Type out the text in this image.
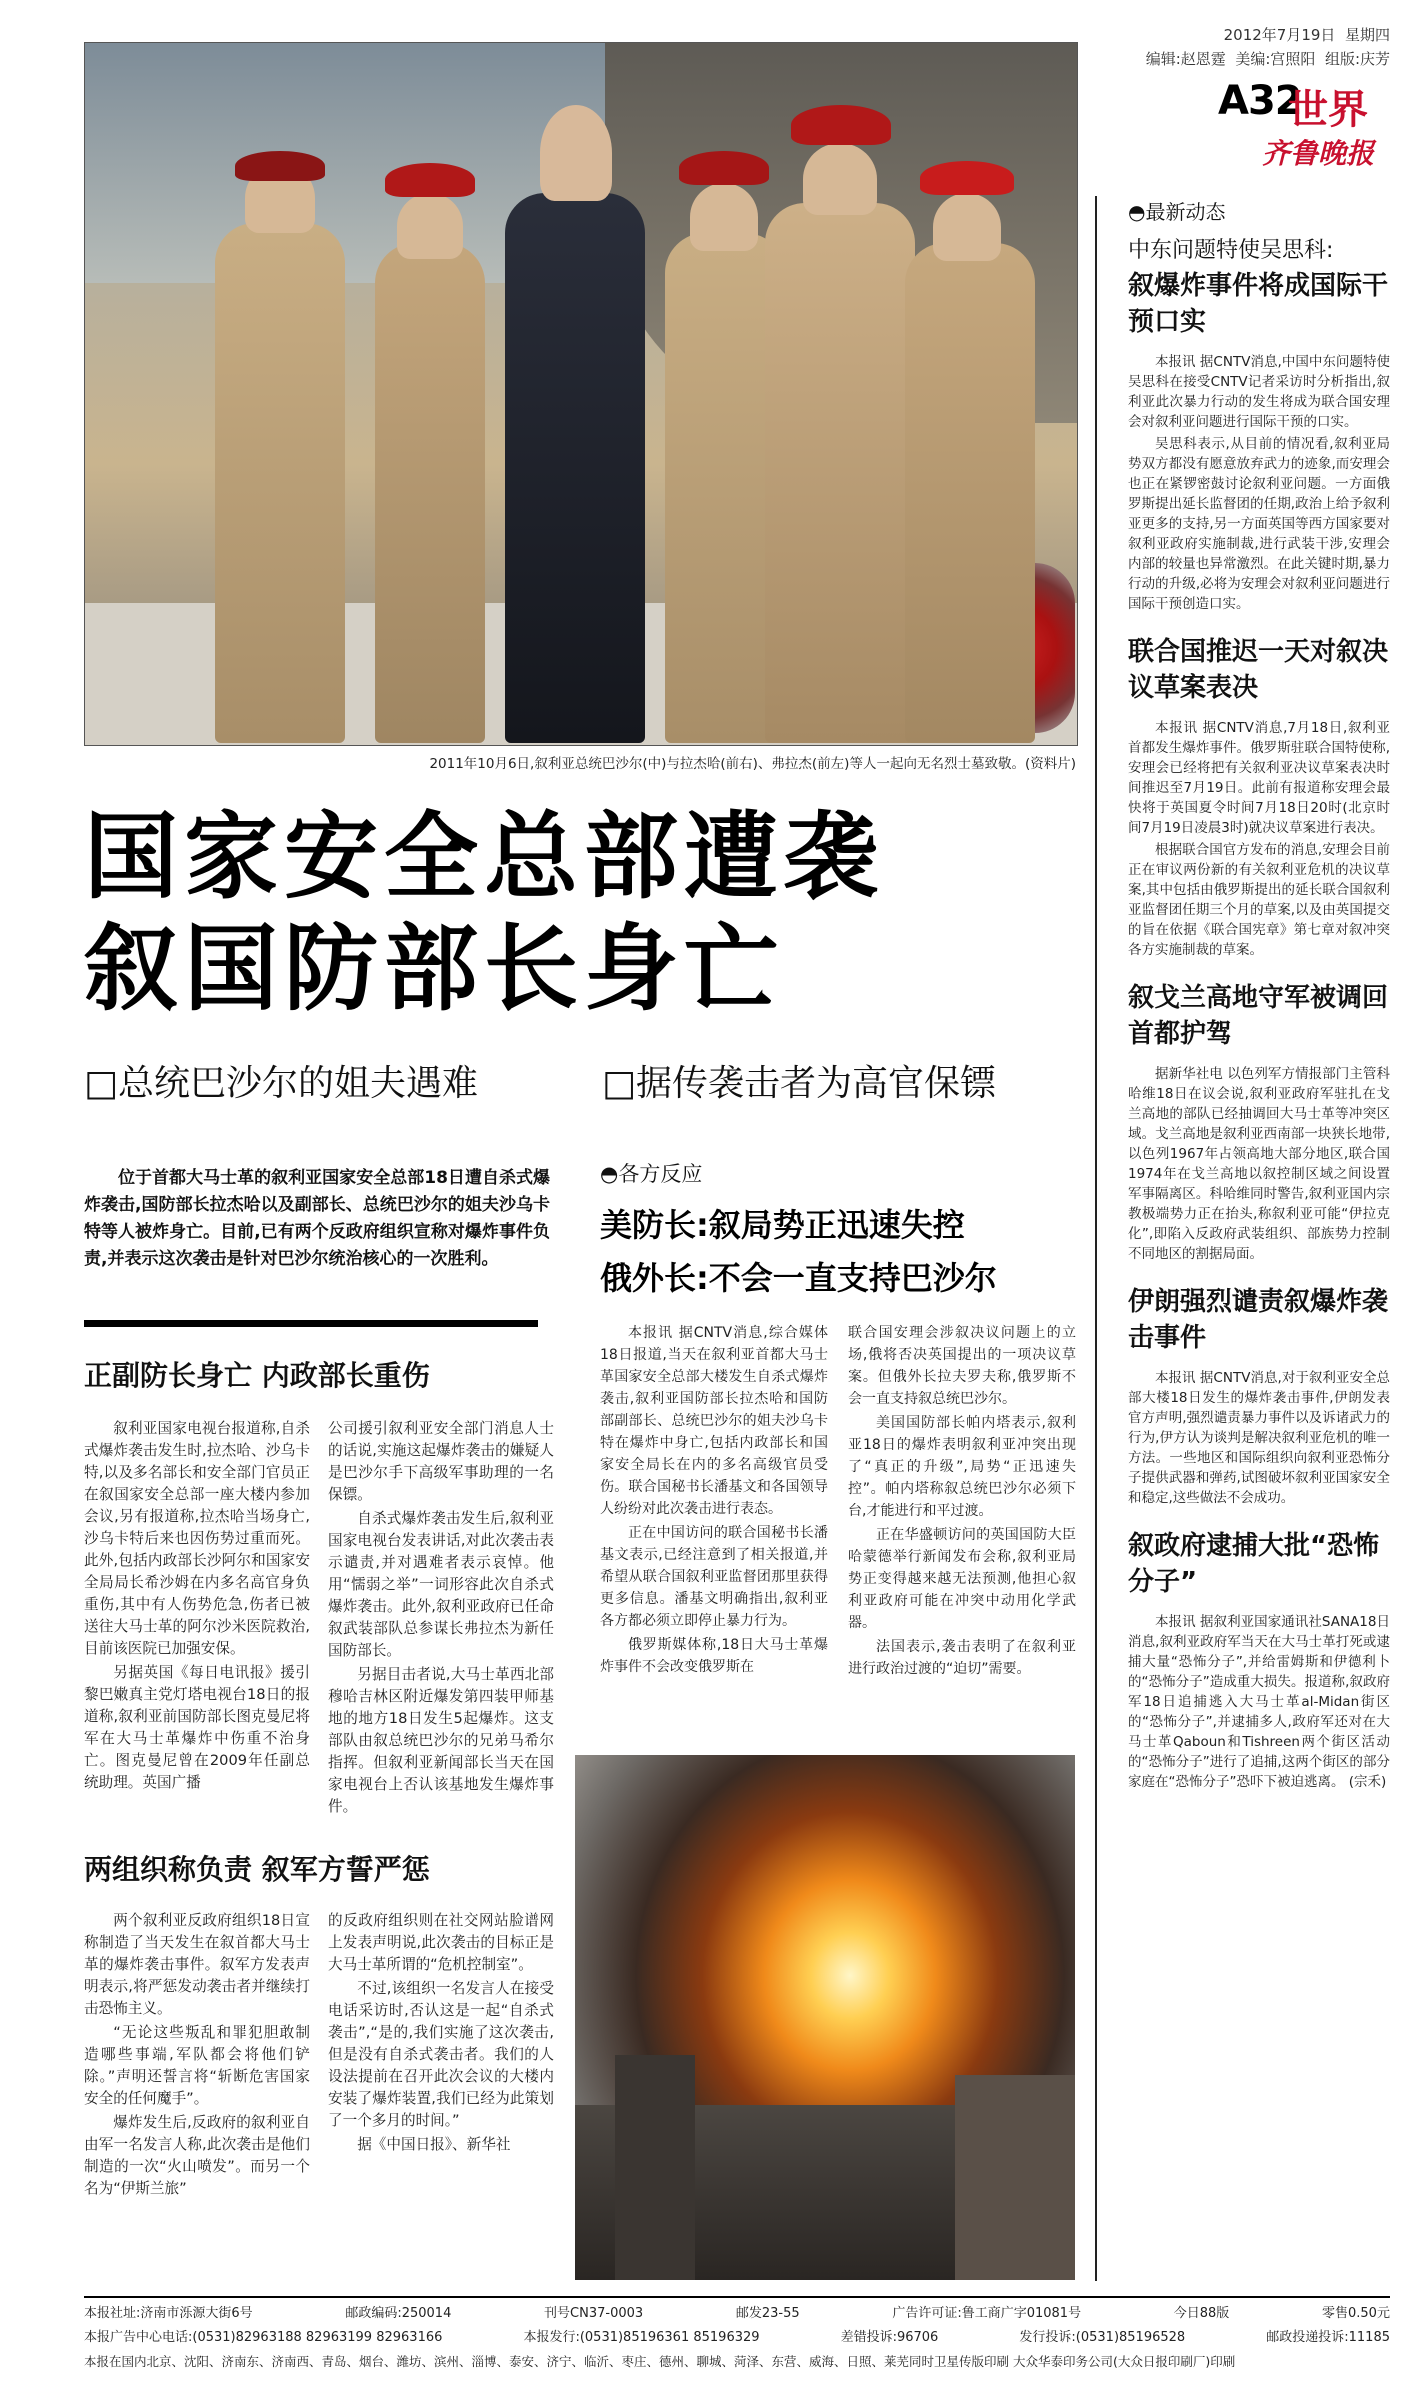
2012年7月19日 星期四
编辑:赵恩霆 美编:宫照阳 组版:庆芳
A32
世界
齐鲁晚报
2011年10月6日,叙利亚总统巴沙尔(中)与拉杰哈(前右)、弗拉杰(前左)等人一起向无名烈士墓致敬。(资料片)
国家安全总部遭袭
叙国防部长身亡
□总统巴沙尔的姐夫遇难	□据传袭击者为高官保镖

位于首都大马士革的叙利亚国家安全总部18日遭自杀式爆炸袭击,国防部长拉杰哈以及副部长、总统巴沙尔的姐夫沙乌卡特等人被炸身亡。目前,已有两个反政府组织宣称对爆炸事件负责,并表示这次袭击是针对巴沙尔统治核心的一次胜利。

正副防长身亡 内政部长重伤

叙利亚国家电视台报道称,自杀式爆炸袭击发生时,拉杰哈、沙乌卡特,以及多名部长和安全部门官员正在叙国家安全总部一座大楼内参加会议,另有报道称,拉杰哈当场身亡,沙乌卡特后来也因伤势过重而死。此外,包括内政部长沙阿尔和国家安全局局长希沙姆在内多名高官身负重伤,其中有人伤势危急,伤者已被送往大马士革的阿尔沙米医院救治,目前该医院已加强安保。

另据英国《每日电讯报》援引黎巴嫩真主党灯塔电视台18日的报道称,叙利亚前国防部长图克曼尼将军在大马士革爆炸中伤重不治身亡。图克曼尼曾在2009年任副总统助理。英国广播

公司援引叙利亚安全部门消息人士的话说,实施这起爆炸袭击的嫌疑人是巴沙尔手下高级军事助理的一名保镖。

自杀式爆炸袭击发生后,叙利亚国家电视台发表讲话,对此次袭击表示谴责,并对遇难者表示哀悼。他用“懦弱之举”一词形容此次自杀式爆炸袭击。此外,叙利亚政府已任命叙武装部队总参谋长弗拉杰为新任国防部长。

另据目击者说,大马士革西北部穆哈吉林区附近爆发第四装甲师基地的地方18日发生5起爆炸。这支部队由叙总统巴沙尔的兄弟马希尔指挥。但叙利亚新闻部长当天在国家电视台上否认该基地发生爆炸事件。

两组织称负责 叙军方誓严惩

两个叙利亚反政府组织18日宣称制造了当天发生在叙首都大马士革的爆炸袭击事件。叙军方发表声明表示,将严惩发动袭击者并继续打击恐怖主义。

“无论这些叛乱和罪犯胆敢制造哪些事端,军队都会将他们铲除。”声明还誓言将“斩断危害国家安全的任何魔手”。

爆炸发生后,反政府的叙利亚自由军一名发言人称,此次袭击是他们制造的一次“火山喷发”。而另一个名为“伊斯兰旅”

的反政府组织则在社交网站脸谱网上发表声明说,此次袭击的目标正是大马士革所谓的“危机控制室”。

不过,该组织一名发言人在接受电话采访时,否认这是一起“自杀式袭击”,“是的,我们实施了这次袭击,但是没有自杀式袭击者。我们的人设法提前在召开此次会议的大楼内安装了爆炸装置,我们已经为此策划了一个多月的时间。”

据《中国日报》、新华社

◓各方反应
美防长:叙局势正迅速失控
俄外长:不会一直支持巴沙尔

本报讯 据CNTV消息,综合媒体18日报道,当天在叙利亚首都大马士革国家安全总部大楼发生自杀式爆炸袭击,叙利亚国防部长拉杰哈和国防部副部长、总统巴沙尔的姐夫沙乌卡特在爆炸中身亡,包括内政部长和国家安全局长在内的多名高级官员受伤。联合国秘书长潘基文和各国领导人纷纷对此次袭击进行表态。

正在中国访问的联合国秘书长潘基文表示,已经注意到了相关报道,并希望从联合国叙利亚监督团那里获得更多信息。潘基文明确指出,叙利亚各方都必须立即停止暴力行为。

俄罗斯媒体称,18日大马士革爆炸事件不会改变俄罗斯在

联合国安理会涉叙决议问题上的立场,俄将否决英国提出的一项决议草案。但俄外长拉夫罗夫称,俄罗斯不会一直支持叙总统巴沙尔。

美国国防部长帕内塔表示,叙利亚18日的爆炸表明叙利亚冲突出现了“真正的升级”,局势“正迅速失控”。帕内塔称叙总统巴沙尔必须下台,才能进行和平过渡。

正在华盛顿访问的英国国防大臣哈蒙德举行新闻发布会称,叙利亚局势正变得越来越无法预测,他担心叙利亚政府可能在冲突中动用化学武器。

法国表示,袭击表明了在叙利亚进行政治过渡的“迫切”需要。

◓最新动态
中东问题特使吴思科:
叙爆炸事件将成国际干预口实

本报讯 据CNTV消息,中国中东问题特使吴思科在接受CNTV记者采访时分析指出,叙利亚此次暴力行动的发生将成为联合国安理会对叙利亚问题进行国际干预的口实。

吴思科表示,从目前的情况看,叙利亚局势双方都没有愿意放弃武力的迹象,而安理会也正在紧锣密鼓讨论叙利亚问题。一方面俄罗斯提出延长监督团的任期,政治上给予叙利亚更多的支持,另一方面英国等西方国家要对叙利亚政府实施制裁,进行武装干涉,安理会内部的较量也异常激烈。在此关键时期,暴力行动的升级,必将为安理会对叙利亚问题进行国际干预创造口实。

联合国推迟一天对叙决议草案表决

本报讯 据CNTV消息,7月18日,叙利亚首都发生爆炸事件。俄罗斯驻联合国特使称,安理会已经将把有关叙利亚决议草案表决时间推迟至7月19日。此前有报道称安理会最快将于英国夏令时间7月18日20时(北京时间7月19日凌晨3时)就决议草案进行表决。

根据联合国官方发布的消息,安理会目前正在审议两份新的有关叙利亚危机的决议草案,其中包括由俄罗斯提出的延长联合国叙利亚监督团任期三个月的草案,以及由英国提交的旨在依据《联合国宪章》第七章对叙冲突各方实施制裁的草案。

叙戈兰高地守军被调回首都护驾

据新华社电 以色列军方情报部门主管科哈维18日在议会说,叙利亚政府军驻扎在戈兰高地的部队已经抽调回大马士革等冲突区域。戈兰高地是叙利亚西南部一块狭长地带,以色列1967年占领高地大部分地区,联合国1974年在戈兰高地以叙控制区域之间设置军事隔离区。科哈维同时警告,叙利亚国内宗教极端势力正在抬头,称叙利亚可能“伊拉克化”,即陷入反政府武装组织、部族势力控制不同地区的割据局面。

伊朗强烈谴责叙爆炸袭击事件

本报讯 据CNTV消息,对于叙利亚安全总部大楼18日发生的爆炸袭击事件,伊朗发表官方声明,强烈谴责暴力事件以及诉诸武力的行为,伊方认为谈判是解决叙利亚危机的唯一方法。一些地区和国际组织向叙利亚恐怖分子提供武器和弹药,试图破坏叙利亚国家安全和稳定,这些做法不会成功。

叙政府逮捕大批“恐怖分子”

本报讯 据叙利亚国家通讯社SANA18日消息,叙利亚政府军当天在大马士革打死或逮捕大量“恐怖分子”,并给雷姆斯和伊德利卜的“恐怖分子”造成重大损失。报道称,叙政府军18日追捕逃入大马士革al-Midan街区的“恐怖分子”,并逮捕多人,政府军还对在大马士革Qaboun和Tishreen两个街区活动的“恐怖分子”进行了追捕,这两个街区的部分家庭在“恐怖分子”恐吓下被迫逃离。 (宗禾)

本报社址:济南市泺源大街6号	邮政编码:250014	刊号CN37-0003	邮发23-55	广告许可证:鲁工商广字01081号	今日88版	零售0.50元
本报广告中心电话:(0531)82963188 82963199 82963166	本报发行:(0531)85196361 85196329	差错投诉:96706	发行投诉:(0531)85196528	邮政投递投诉:11185
本报在国内北京、沈阳、济南东、济南西、青岛、烟台、潍坊、滨州、淄博、泰安、济宁、临沂、枣庄、德州、聊城、菏泽、东营、威海、日照、莱芜同时卫星传版印刷 大众华泰印务公司(大众日报印刷厂)印刷
